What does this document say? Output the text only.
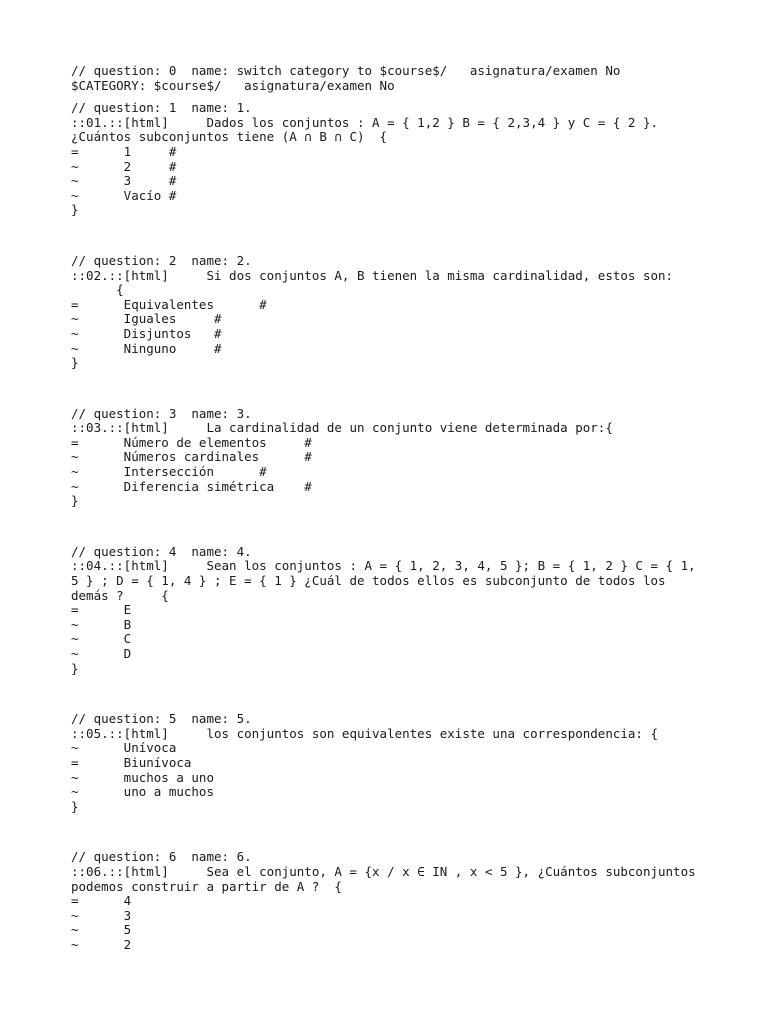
// question: 0  name: switch category to $course$/   asignatura/examen No
$CATEGORY: $course$/   asignatura/examen No
// question: 1  name: 1.
::01.::[html]     Dados los conjuntos : A = { 1,2 } B = { 2,3,4 } y C = { 2 }.
¿Cuántos subconjuntos tiene (A ∩ B ∩ C)  {
=      1     #
~      2     #
~      3     #
~      Vacío #
}
// question: 2  name: 2.
::02.::[html]     Si dos conjuntos A, B tienen la misma cardinalidad, estos son:
{
=      Equivalentes      #
~      Iguales     #
~      Disjuntos   #
~      Ninguno     #
}
// question: 3  name: 3.
::03.::[html]     La cardinalidad de un conjunto viene determinada por:{
=      Número de elementos     #
~      Números cardinales      #
~      Intersección      #
~      Diferencia simétrica    #
}
// question: 4  name: 4.
::04.::[html]     Sean los conjuntos : A = { 1, 2, 3, 4, 5 }; B = { 1, 2 } C = { 1,
5 } ; D = { 1, 4 } ; E = { 1 } ¿Cuál de todos ellos es subconjunto de todos los
demás ?     {
=      E
~      B
~      C
~      D
}
// question: 5  name: 5.
::05.::[html]     los conjuntos son equivalentes existe una correspondencia: {
~      Unívoca
=      Biunívoca
~      muchos a uno
~      uno a muchos
}
// question: 6  name: 6.
::06.::[html]     Sea el conjunto, A = {x / x ∈ IN , x < 5 }, ¿Cuántos subconjuntos
podemos construir a partir de A ?  {
=      4
~      3
~      5
~      2
